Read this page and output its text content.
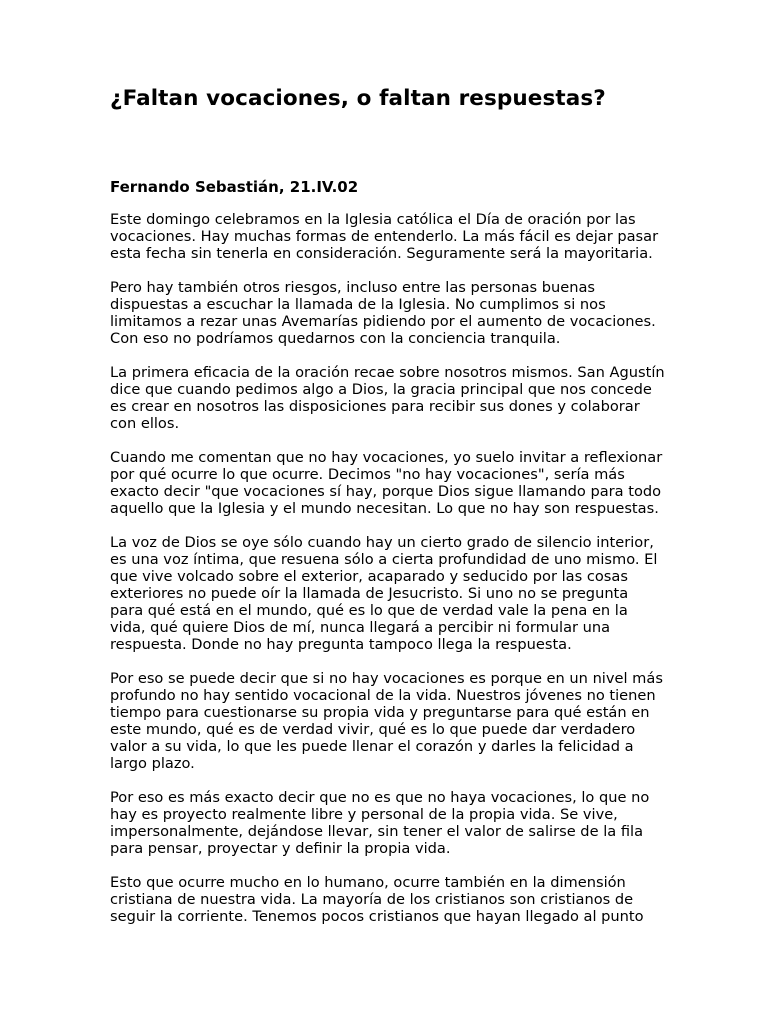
¿Faltan vocaciones, o faltan respuestas?

Fernando Sebastián, 21.IV.02

Este domingo celebramos en la Iglesia católica el Día de oración por las
vocaciones. Hay muchas formas de entenderlo. La más fácil es dejar pasar
esta fecha sin tenerla en consideración. Seguramente será la mayoritaria.

Pero hay también otros riesgos, incluso entre las personas buenas
dispuestas a escuchar la llamada de la Iglesia. No cumplimos si nos
limitamos a rezar unas Avemarías pidiendo por el aumento de vocaciones.
Con eso no podríamos quedarnos con la conciencia tranquila.

La primera eficacia de la oración recae sobre nosotros mismos. San Agustín
dice que cuando pedimos algo a Dios, la gracia principal que nos concede
es crear en nosotros las disposiciones para recibir sus dones y colaborar
con ellos.

Cuando me comentan que no hay vocaciones, yo suelo invitar a reflexionar
por qué ocurre lo que ocurre. Decimos "no hay vocaciones", sería más
exacto decir "que vocaciones sí hay, porque Dios sigue llamando para todo
aquello que la Iglesia y el mundo necesitan. Lo que no hay son respuestas.

La voz de Dios se oye sólo cuando hay un cierto grado de silencio interior,
es una voz íntima, que resuena sólo a cierta profundidad de uno mismo. El
que vive volcado sobre el exterior, acaparado y seducido por las cosas
exteriores no puede oír la llamada de Jesucristo. Si uno no se pregunta
para qué está en el mundo, qué es lo que de verdad vale la pena en la
vida, qué quiere Dios de mí, nunca llegará a percibir ni formular una
respuesta. Donde no hay pregunta tampoco llega la respuesta.

Por eso se puede decir que si no hay vocaciones es porque en un nivel más
profundo no hay sentido vocacional de la vida. Nuestros jóvenes no tienen
tiempo para cuestionarse su propia vida y preguntarse para qué están en
este mundo, qué es de verdad vivir, qué es lo que puede dar verdadero
valor a su vida, lo que les puede llenar el corazón y darles la felicidad a
largo plazo.

Por eso es más exacto decir que no es que no haya vocaciones, lo que no
hay es proyecto realmente libre y personal de la propia vida. Se vive,
impersonalmente, dejándose llevar, sin tener el valor de salirse de la fila
para pensar, proyectar y definir la propia vida.

Esto que ocurre mucho en lo humano, ocurre también en la dimensión
cristiana de nuestra vida. La mayoría de los cristianos son cristianos de
seguir la corriente. Tenemos pocos cristianos que hayan llegado al punto
